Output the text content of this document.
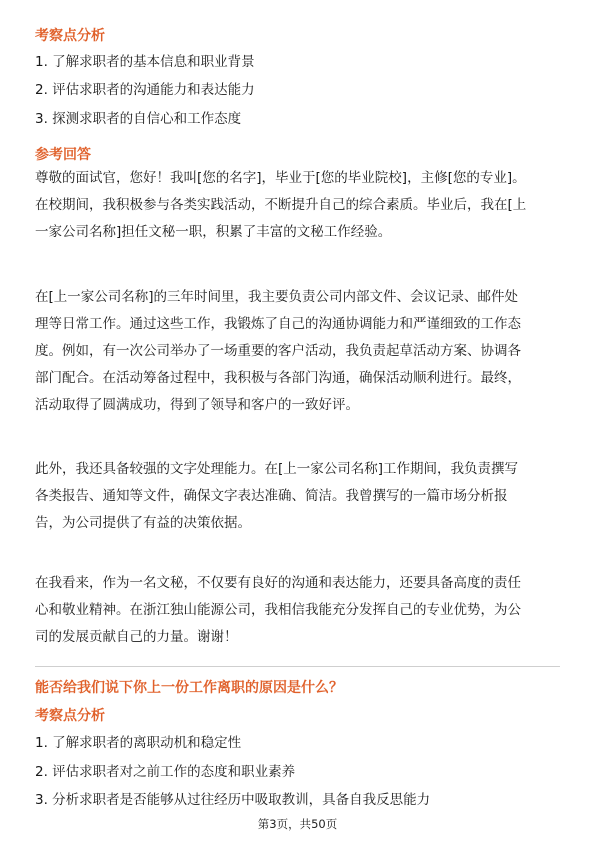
考察点分析
1. 了解求职者的基本信息和职业背景
2. 评估求职者的沟通能力和表达能力
3. 探测求职者的自信心和工作态度
参考回答
尊敬的面试官，您好！我叫[您的名字]，毕业于[您的毕业院校]，主修[您的专业]。
在校期间，我积极参与各类实践活动，不断提升自己的综合素质。毕业后，我在[上
一家公司名称]担任文秘一职，积累了丰富的文秘工作经验。
在[上一家公司名称]的三年时间里，我主要负责公司内部文件、会议记录、邮件处
理等日常工作。通过这些工作，我锻炼了自己的沟通协调能力和严谨细致的工作态
度。例如，有一次公司举办了一场重要的客户活动，我负责起草活动方案、协调各
部门配合。在活动筹备过程中，我积极与各部门沟通，确保活动顺利进行。最终，
活动取得了圆满成功，得到了领导和客户的一致好评。
此外，我还具备较强的文字处理能力。在[上一家公司名称]工作期间，我负责撰写
各类报告、通知等文件，确保文字表达准确、简洁。我曾撰写的一篇市场分析报
告，为公司提供了有益的决策依据。
在我看来，作为一名文秘，不仅要有良好的沟通和表达能力，还要具备高度的责任
心和敬业精神。在浙江独山能源公司，我相信我能充分发挥自己的专业优势，为公
司的发展贡献自己的力量。谢谢！
能否给我们说下你上一份工作离职的原因是什么？
考察点分析
1. 了解求职者的离职动机和稳定性
2. 评估求职者对之前工作的态度和职业素养
3. 分析求职者是否能够从过往经历中吸取教训，具备自我反思能力
第3页，共50页
